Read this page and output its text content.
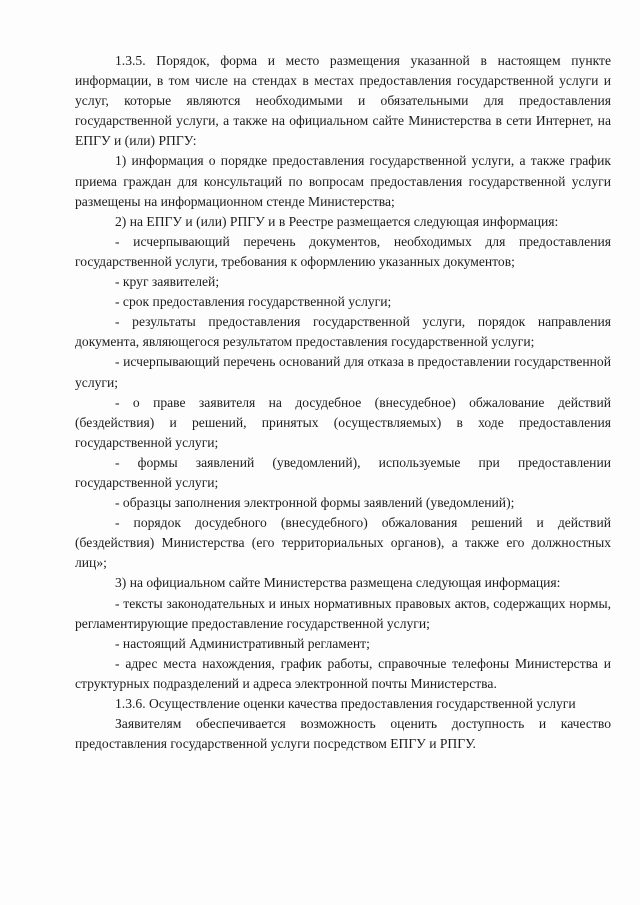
1.3.5. Порядок, форма и место размещения указанной в настоящем пункте информации, в том числе на стендах в местах предоставления государственной услуги и услуг, которые являются необходимыми и обязательными для предоставления государственной услуги, а также на официальном сайте Министерства в сети Интернет, на ЕПГУ и (или) РПГУ:

1) информация о порядке предоставления государственной услуги, а также график приема граждан для консультаций по вопросам предоставления государственной услуги размещены на информационном стенде Министерства;

2) на ЕПГУ и (или) РПГУ и в Реестре размещается следующая информация:

- исчерпывающий перечень документов, необходимых для предоставления государственной услуги, требования к оформлению указанных документов;

- круг заявителей;

- срок предоставления государственной услуги;

- результаты предоставления государственной услуги, порядок направления документа, являющегося результатом предоставления государственной услуги;

- исчерпывающий перечень оснований для отказа в предоставлении государственной услуги;

- о праве заявителя на досудебное (внесудебное) обжалование действий (бездействия) и решений, принятых (осуществляемых) в ходе предоставления государственной услуги;

- формы заявлений (уведомлений), используемые при предоставлении государственной услуги;

- образцы заполнения электронной формы заявлений (уведомлений);

- порядок досудебного (внесудебного) обжалования решений и действий (бездействия) Министерства (его территориальных органов), а также его должностных лиц»;

3) на официальном сайте Министерства размещена следующая информация:

- тексты законодательных и иных нормативных правовых актов, содержащих нормы, регламентирующие предоставление государственной услуги;

- настоящий Административный регламент;

- адрес места нахождения, график работы, справочные телефоны Министерства и структурных подразделений и адреса электронной почты Министерства.

1.3.6. Осуществление оценки качества предоставления государственной услуги

Заявителям обеспечивается возможность оценить доступность и качество предоставления государственной услуги посредством ЕПГУ и РПГУ.
